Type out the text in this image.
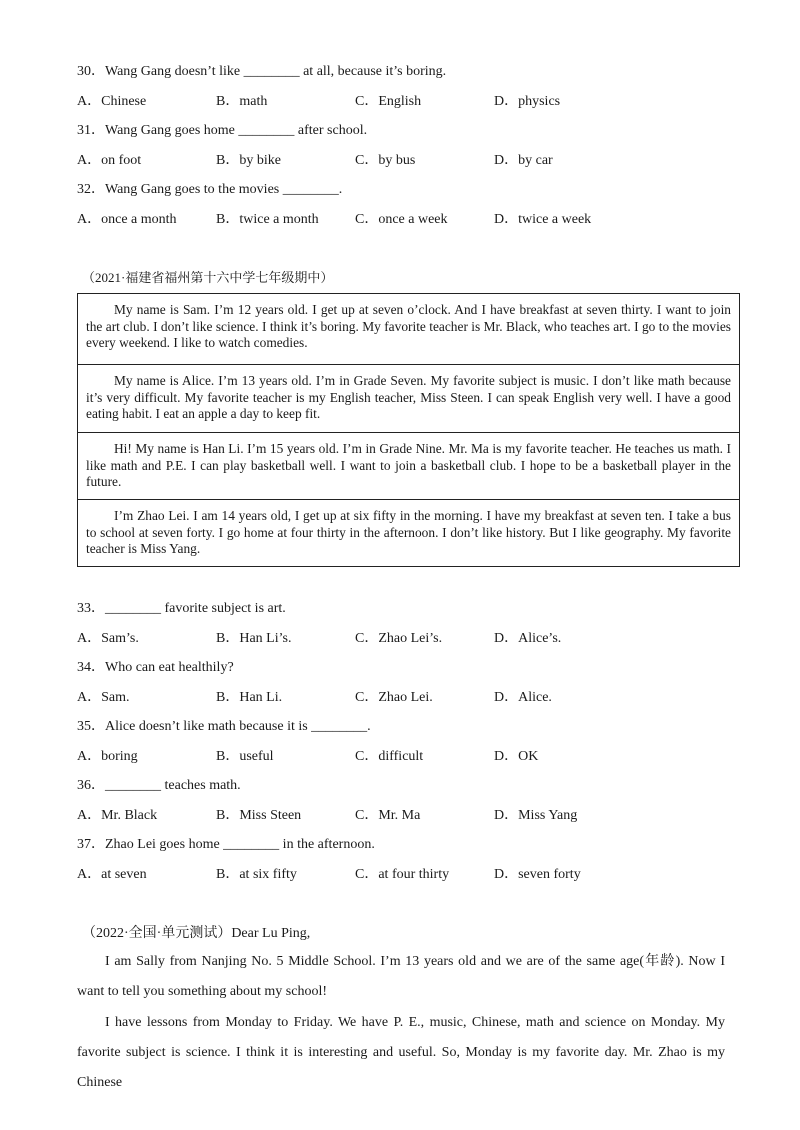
30．Wang Gang doesn’t like ________ at all, because it’s boring.
A．Chinese	B．math	C．English	D．physics
31．Wang Gang goes home ________ after school.
A．on foot	B．by bike	C．by bus	D．by car
32．Wang Gang goes to the movies ________.
A．once a month	B．twice a month	C．once a week	D．twice a week
（2021·福建省福州第十六中学七年级期中）
My name is Sam. I’m 12 years old. I get up at seven o’clock. And I have breakfast at seven thirty. I want to join the art club. I don’t like science. I think it’s boring. My favorite teacher is Mr. Black, who teaches art. I go to the movies every weekend. I like to watch comedies.
My name is Alice. I’m 13 years old. I’m in Grade Seven. My favorite subject is music. I don’t like math because it’s very difficult. My favorite teacher is my English teacher, Miss Steen. I can speak English very well. I have a good eating habit. I eat an apple a day to keep fit.
Hi! My name is Han Li. I’m 15 years old. I’m in Grade Nine. Mr. Ma is my favorite teacher. He teaches us math. I like math and P.E. I can play basketball well. I want to join a basketball club. I hope to be a basketball player in the future.
I’m Zhao Lei. I am 14 years old, I get up at six fifty in the morning. I have my breakfast at seven ten. I take a bus to school at seven forty. I go home at four thirty in the afternoon. I don’t like history. But I like geography. My favorite teacher is Miss Yang.
33．________ favorite subject is art.
A．Sam’s.	B．Han Li’s.	C．Zhao Lei’s.	D．Alice’s.
34．Who can eat healthily?
A．Sam.	B．Han Li.	C．Zhao Lei.	D．Alice.
35．Alice doesn’t like math because it is ________.
A．boring	B．useful	C．difficult	D．OK
36．________ teaches math.
A．Mr. Black	B．Miss Steen	C．Mr. Ma	D．Miss Yang
37．Zhao Lei goes home ________ in the afternoon.
A．at seven	B．at six fifty	C．at four thirty	D．seven forty
（2022·全国·单元测试）Dear Lu Ping,
I am Sally from Nanjing No. 5 Middle School. I’m 13 years old and we are of the same age(年龄). Now I want to tell you something about my school!
I have lessons from Monday to Friday. We have P. E., music, Chinese, math and science on Monday. My favorite subject is science. I think it is interesting and useful. So, Monday is my favorite day. Mr. Zhao is my Chinese
